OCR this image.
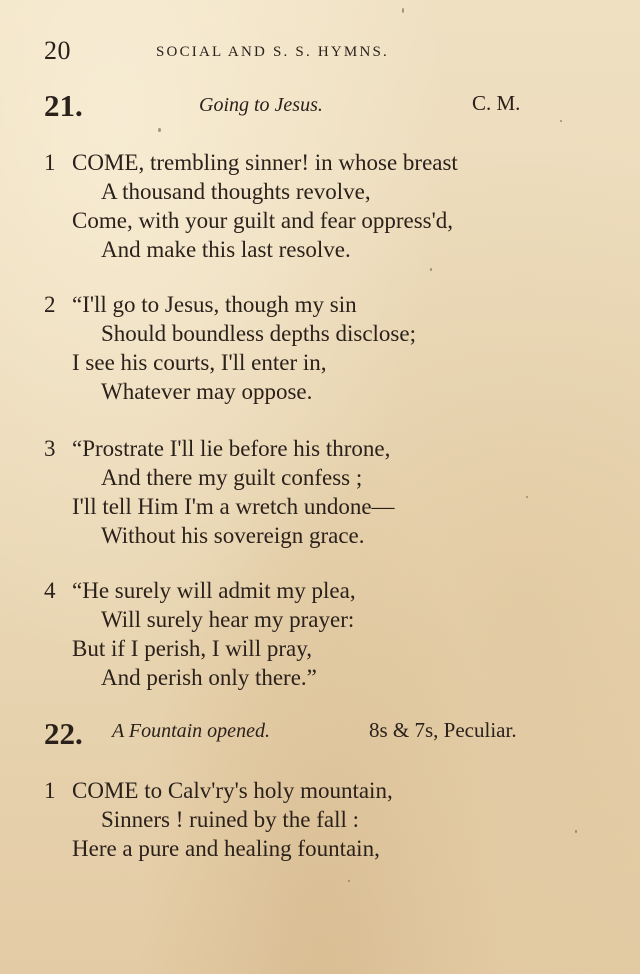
20	SOCIAL AND S. S. HYMNS.
21.	Going to Jesus.	C. M.
1 COME, trembling sinner! in whose breast
A thousand thoughts revolve,
Come, with your guilt and fear oppress'd,
And make this last resolve.
2 “I'll go to Jesus, though my sin
Should boundless depths disclose;
I see his courts, I'll enter in,
Whatever may oppose.
3 “Prostrate I'll lie before his throne,
And there my guilt confess ;
I'll tell Him I'm a wretch undone—
Without his sovereign grace.
4 “He surely will admit my plea,
Will surely hear my prayer:
But if I perish, I will pray,
And perish only there.”
22. A Fountain opened.	8s & 7s, Peculiar.
1 COME to Calv'ry's holy mountain,
Sinners ! ruined by the fall :
Here a pure and healing fountain,
